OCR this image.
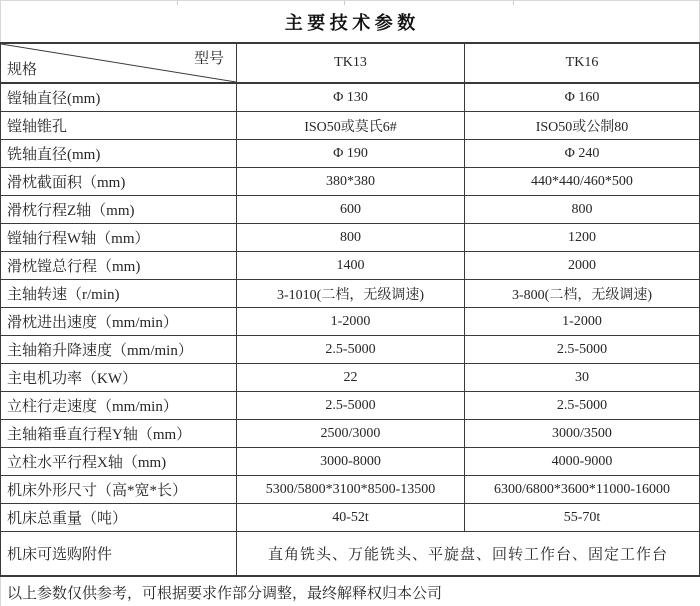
主 要 技 术 参 数
规格
型号	TK13	TK16
镗轴直径(mm)	Φ 130	Φ 160
镗轴锥孔	ISO50或莫氏6#	ISO50或公制80
铣轴直径(mm)	Φ 190	Φ 240
滑枕截面积（mm)	380*380	440*440/460*500
滑枕行程Z轴（mm)	600	800
镗轴行程W轴（mm）	800	1200
滑枕镗总行程（mm)	1400	2000
主轴转速（r/min)	3-1010(二档，无级调速)	3-800(二档，无级调速)
滑枕进出速度（mm/min）	1-2000	1-2000
主轴箱升降速度（mm/min）	2.5-5000	2.5-5000
主电机功率（KW）	22	30
立柱行走速度（mm/min）	2.5-5000	2.5-5000
主轴箱垂直行程Y轴（mm）	2500/3000	3000/3500
立柱水平行程X轴（mm)	3000-8000	4000-9000
机床外形尺寸（高*宽*长）	5300/5800*3100*8500-13500	6300/6800*3600*11000-16000
机床总重量（吨）	40-52t	55-70t
机床可选购附件	直角铣头、万能铣头、平旋盘、回转工作台、固定工作台
以上参数仅供参考，可根据要求作部分调整，最终解释权归本公司
